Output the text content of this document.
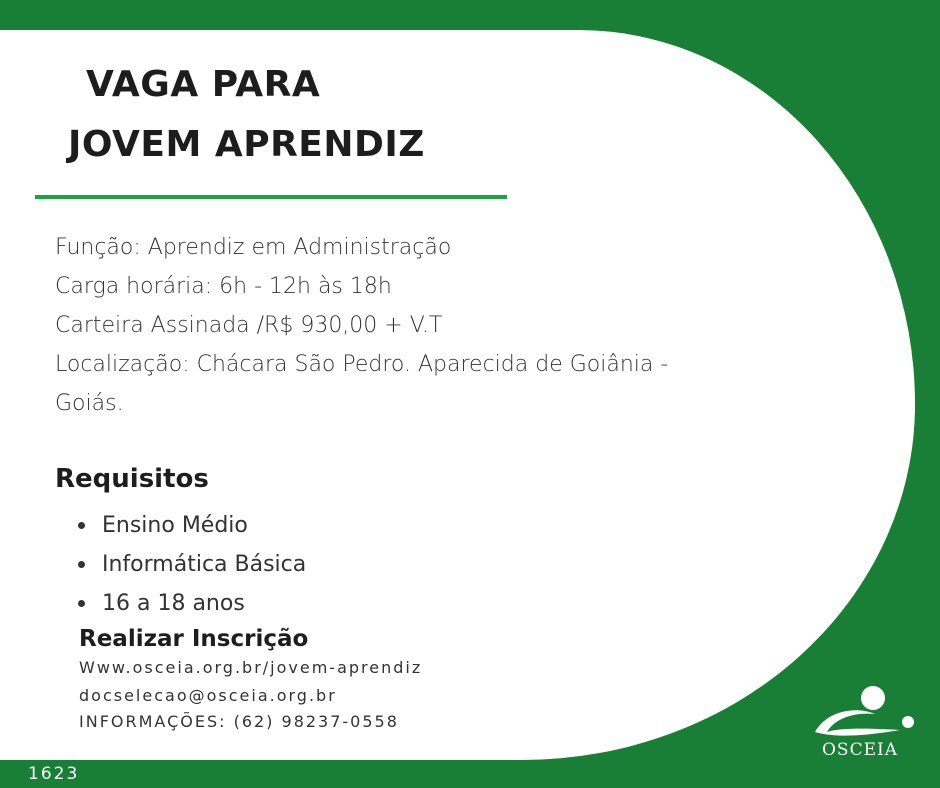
VAGA PARA
JOVEM APRENDIZ

Função: Aprendiz em Administração

Carga horária: 6h - 12h às 18h

Carteira Assinada /R$ 930,00 + V.T

Localização: Chácara São Pedro. Aparecida de Goiânia -

Goiás.

Requisitos
Ensino Médio
Informática Básica
16 a 18 anos
Realizar Inscrição
Www.osceia.org.br/jovem-aprendiz
docselecao@osceia.org.br
INFORMAÇÕES: (62) 98237-0558
1623
OSCEIA
